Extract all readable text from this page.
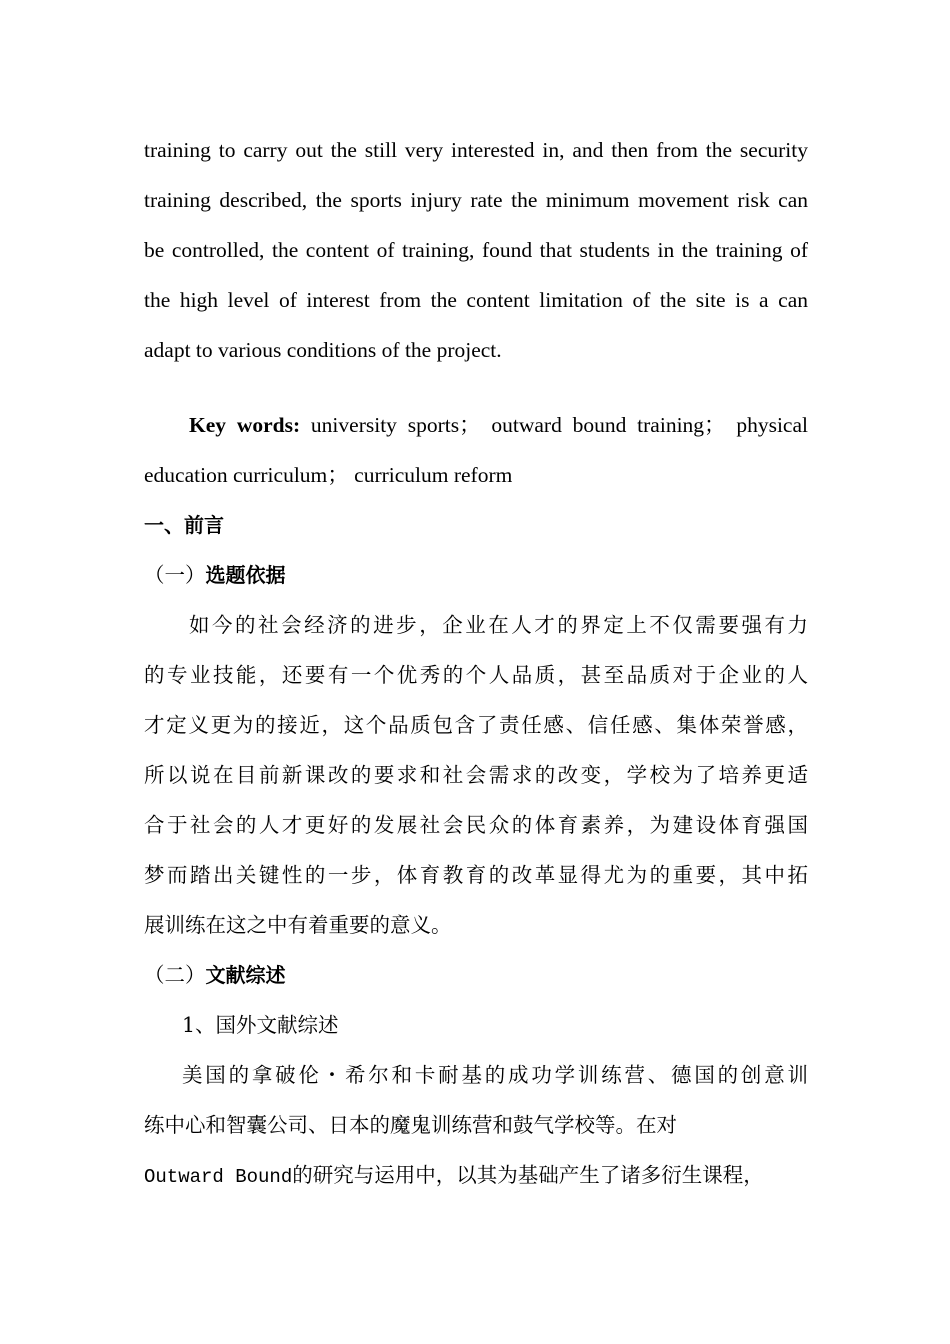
training to carry out the still very interested in, and then from the security
training described, the sports injury rate the minimum movement risk can
be controlled, the content of training, found that students in the training of
the high level of interest from the content limitation of the site is a can
adapt to various conditions of the project.
Key words: university sports； outward bound training； physical
education curriculum； curriculum reform
一、前言
（一）选题依据
如今的社会经济的进步，企业在人才的界定上不仅需要强有力
的专业技能，还要有一个优秀的个人品质，甚至品质对于企业的人
才定义更为的接近，这个品质包含了责任感、信任感、集体荣誉感，
所以说在目前新课改的要求和社会需求的改变，学校为了培养更适
合于社会的人才更好的发展社会民众的体育素养，为建设体育强国
梦而踏出关键性的一步，体育教育的改革显得尤为的重要，其中拓
展训练在这之中有着重要的意义。
（二）文献综述
1、国外文献综述
美国的拿破伦・希尔和卡耐基的成功学训练营、德国的创意训
练中心和智囊公司、日本的魔鬼训练营和鼓气学校等。在对
Outward Bound的研究与运用中，以其为基础产生了诸多衍生课程，
